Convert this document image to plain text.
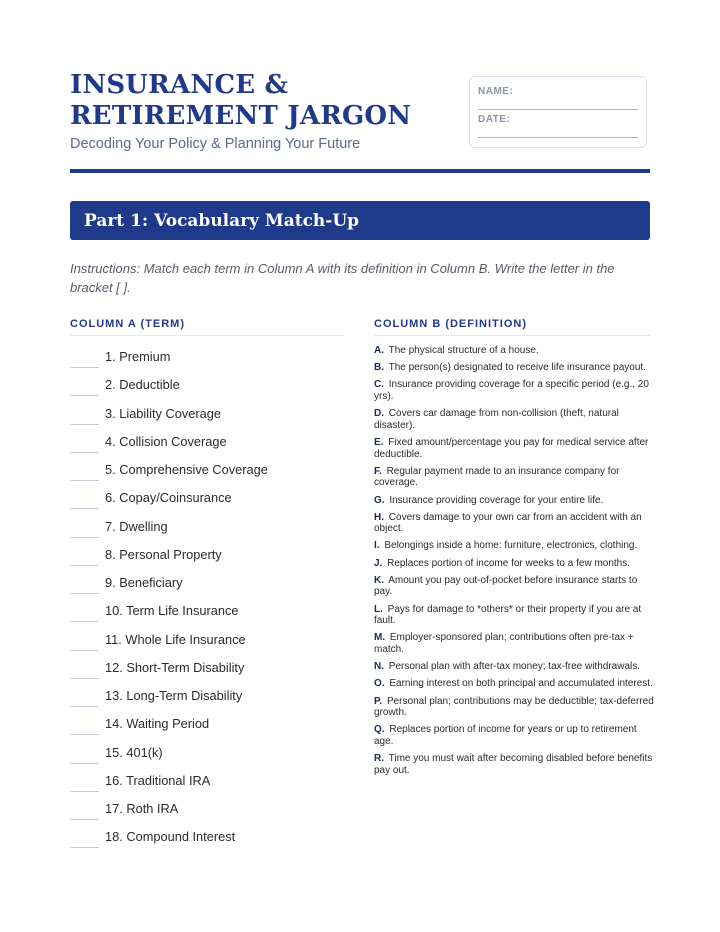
INSURANCE & RETIREMENT JARGON

Decoding Your Policy & Planning Your Future

NAME:
DATE:
Part 1: Vocabulary Match-Up

Instructions: Match each term in Column A with its definition in Column B. Write the letter in the bracket [ ].

COLUMN A (TERM)	COLUMN B (DEFINITION)
1. Premium
2. Deductible
3. Liability Coverage
4. Collision Coverage
5. Comprehensive Coverage
6. Copay/Coinsurance
7. Dwelling
8. Personal Property
9. Beneficiary
10. Term Life Insurance
11. Whole Life Insurance
12. Short-Term Disability
13. Long-Term Disability
14. Waiting Period
15. 401(k)
16. Traditional IRA
17. Roth IRA
18. Compound Interest
A. The physical structure of a house.
B. The person(s) designated to receive life insurance payout.
C. Insurance providing coverage for a specific period (e.g., 20 yrs).
D. Covers car damage from non-collision (theft, natural disaster).
E. Fixed amount/percentage you pay for medical service after deductible.
F. Regular payment made to an insurance company for coverage.
G. Insurance providing coverage for your entire life.
H. Covers damage to your own car from an accident with an object.
I. Belongings inside a home: furniture, electronics, clothing.
J. Replaces portion of income for weeks to a few months.
K. Amount you pay out-of-pocket before insurance starts to pay.
L. Pays for damage to *others* or their property if you are at fault.
M. Employer-sponsored plan; contributions often pre-tax + match.
N. Personal plan with after-tax money; tax-free withdrawals.
O. Earning interest on both principal and accumulated interest.
P. Personal plan; contributions may be deductible; tax-deferred growth.
Q. Replaces portion of income for years or up to retirement age.
R. Time you must wait after becoming disabled before benefits pay out.
